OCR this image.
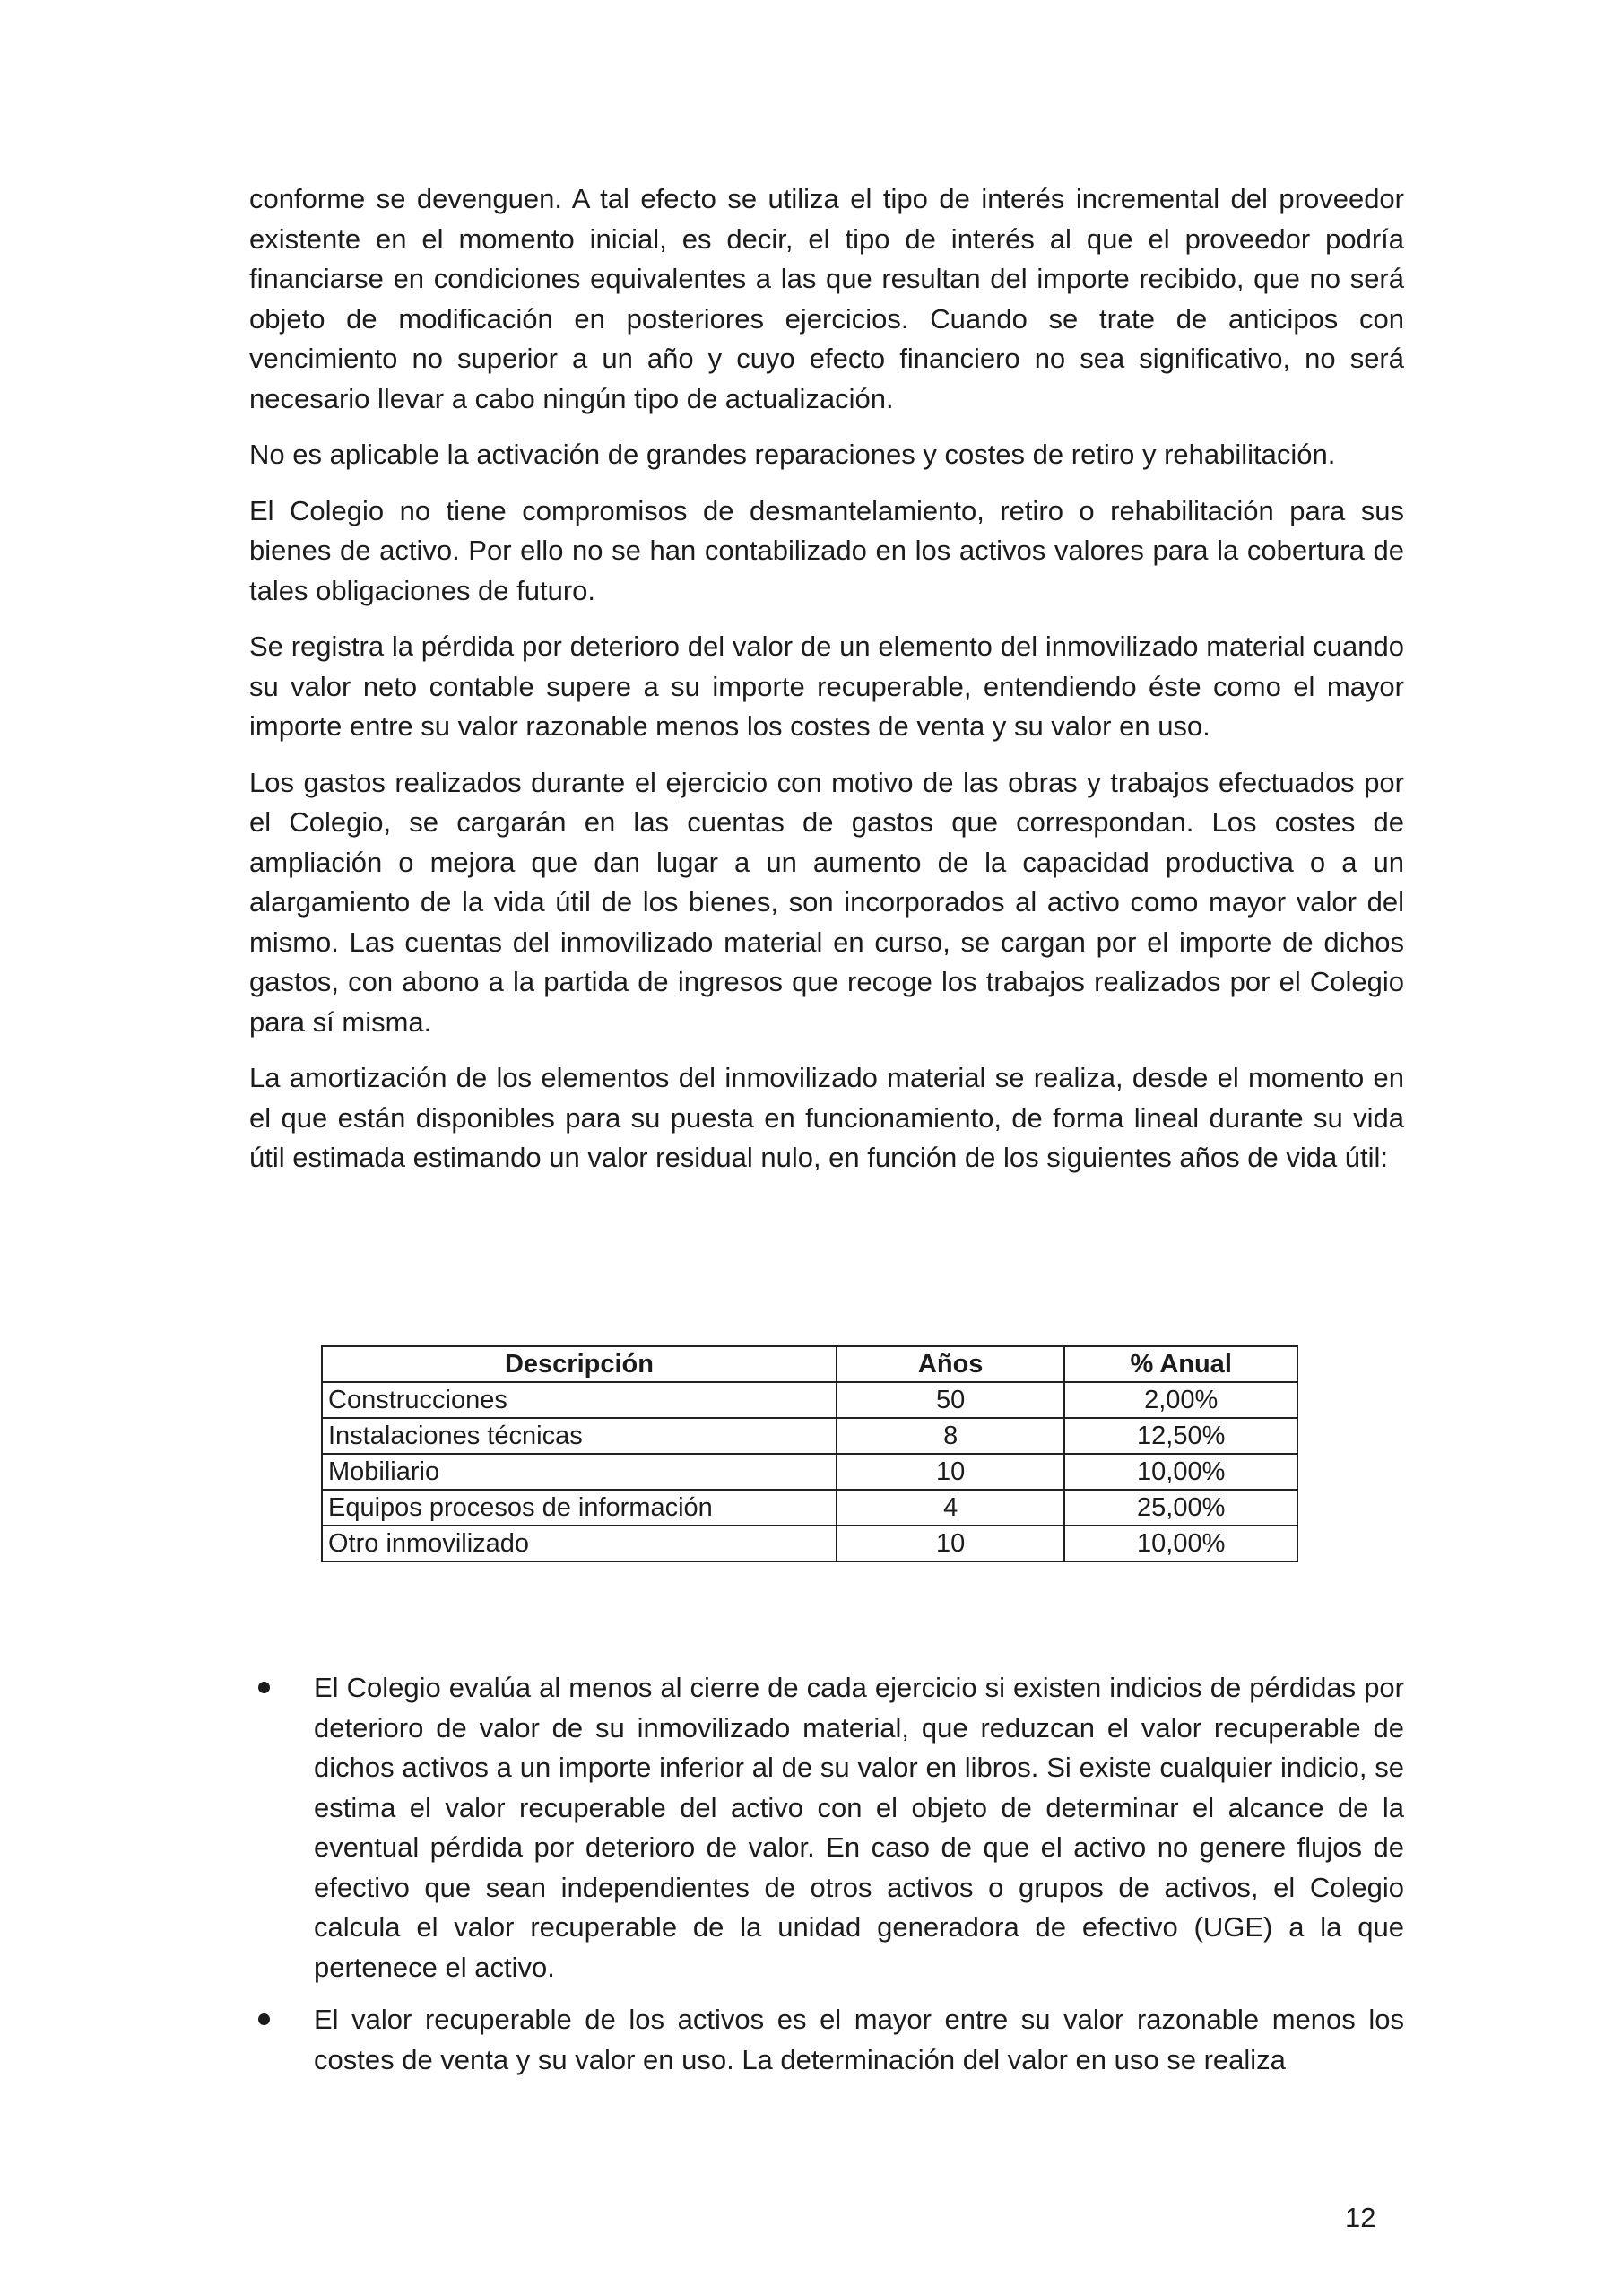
conforme se devenguen. A tal efecto se utiliza el tipo de interés incremental del proveedor existente en el momento inicial, es decir, el tipo de interés al que el proveedor podría financiarse en condiciones equivalentes a las que resultan del importe recibido, que no será objeto de modificación en posteriores ejercicios. Cuando se trate de anticipos con vencimiento no superior a un año y cuyo efecto financiero no sea significativo, no será necesario llevar a cabo ningún tipo de actualización.

No es aplicable la activación de grandes reparaciones y costes de retiro y rehabilitación.

El Colegio no tiene compromisos de desmantelamiento, retiro o rehabilitación para sus bienes de activo. Por ello no se han contabilizado en los activos valores para la cobertura de tales obligaciones de futuro.

Se registra la pérdida por deterioro del valor de un elemento del inmovilizado material cuando su valor neto contable supere a su importe recuperable, entendiendo éste como el mayor importe entre su valor razonable menos los costes de venta y su valor en uso.

Los gastos realizados durante el ejercicio con motivo de las obras y trabajos efectuados por el Colegio, se cargarán en las cuentas de gastos que correspondan. Los costes de ampliación o mejora que dan lugar a un aumento de la capacidad productiva o a un alargamiento de la vida útil de los bienes, son incorporados al activo como mayor valor del mismo. Las cuentas del inmovilizado material en curso, se cargan por el importe de dichos gastos, con abono a la partida de ingresos que recoge los trabajos realizados por el Colegio para sí misma.

La amortización de los elementos del inmovilizado material se realiza, desde el momento en el que están disponibles para su puesta en funcionamiento, de forma lineal durante su vida útil estimada estimando un valor residual nulo, en función de los siguientes años de vida útil:

Descripción	Años	% Anual
Construcciones	50	2,00%
Instalaciones técnicas	8	12,50%
Mobiliario	10	10,00%
Equipos procesos de información	4	25,00%
Otro inmovilizado	10	10,00%
El Colegio evalúa al menos al cierre de cada ejercicio si existen indicios de pérdidas por deterioro de valor de su inmovilizado material, que reduzcan el valor recuperable de dichos activos a un importe inferior al de su valor en libros. Si existe cualquier indicio, se estima el valor recuperable del activo con el objeto de determinar el alcance de la eventual pérdida por deterioro de valor. En caso de que el activo no genere flujos de efectivo que sean independientes de otros activos o grupos de activos, el Colegio calcula el valor recuperable de la unidad generadora de efectivo (UGE) a la que pertenece el activo.
El valor recuperable de los activos es el mayor entre su valor razonable menos los costes de venta y su valor en uso. La determinación del valor en uso se realiza
12
